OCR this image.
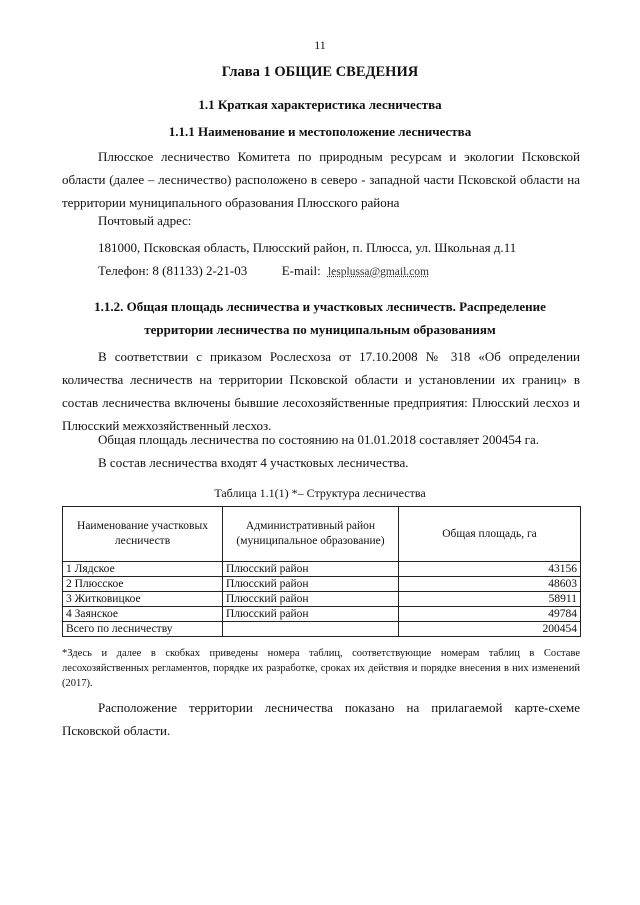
11
Глава 1 ОБЩИЕ СВЕДЕНИЯ
1.1 Краткая характеристика лесничества
1.1.1 Наименование и местоположение лесничества
Плюсское лесничество Комитета по природным ресурсам и экологии Псковской области (далее – лесничество) расположено в северо - западной части Псковской области на территории муниципального образования Плюсского района
Почтовый адрес:
181000, Псковская область, Плюсский район, п. Плюсса, ул. Школьная д.11
Телефон: 8 (81133) 2-21-03	E-mail: lesplussa@gmail.com
1.1.2. Общая площадь лесничества и участковых лесничеств. Распределение
территории лесничества по муниципальным образованиям
В соответствии с приказом Рослесхоза от 17.10.2008 № 318 «Об определении количества лесничеств на территории Псковской области и установлении их границ» в состав лесничества включены бывшие лесохозяйственные предприятия: Плюсский лесхоз и Плюсский межхозяйственный лесхоз.
Общая площадь лесничества по состоянию на 01.01.2018 составляет 200454 га.
В состав лесничества входят 4 участковых лесничества.
Таблица 1.1(1) *– Структура лесничества
Наименование участковых лесничеств	Административный район (муниципальное образование)	Общая площадь, га
1 Лядское	Плюсский район	43156
2 Плюсское	Плюсский район	48603
3 Житковицкое	Плюсский район	58911
4 Заянское	Плюсский район	49784
Всего по лесничеству		200454
*Здесь и далее в скобках приведены номера таблиц, соответствующие номерам таблиц в Составе лесохозяйственных регламентов, порядке их разработке, сроках их действия и порядке внесения в них изменений (2017).
Расположение территории лесничества показано на прилагаемой карте-схеме Псковской области.
